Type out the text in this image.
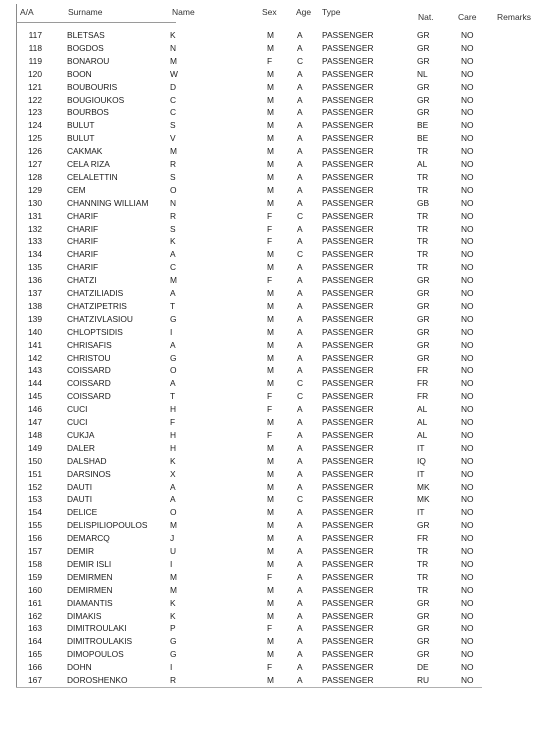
A/A	Surname	Name	Sex Age Type	Nat.	Care Remarks
117	BLETSAS	K	M	A PASSENGER	GR	NO
118	BOGDOS	N	M	A PASSENGER	GR	NO
119	BONAROU	M	F	C PASSENGER	GR	NO
120	BOON	W	M	A PASSENGER	NL	NO
121	BOUBOURIS	D	M	A PASSENGER	GR	NO
122	BOUGIOUKOS	C	M	A PASSENGER	GR	NO
123	BOURBOS	C	M	A PASSENGER	GR	NO
124	BULUT	S	M	A PASSENGER	BE	NO
125	BULUT	V	M	A PASSENGER	BE	NO
126	CAKMAK	M	M	A PASSENGER	TR	NO
127	CELA RIZA	R	M	A PASSENGER	AL	NO
128	CELALETTIN	S	M	A PASSENGER	TR	NO
129	CEM	O	M	A PASSENGER	TR	NO
130	CHANNING WILLIAM	N	M	A PASSENGER	GB	NO
131	CHARIF	R	F	C PASSENGER	TR	NO
132	CHARIF	S	F	A PASSENGER	TR	NO
133	CHARIF	K	F	A PASSENGER	TR	NO
134	CHARIF	A	M	C PASSENGER	TR	NO
135	CHARIF	C	M	A PASSENGER	TR	NO
136	CHATZI	M	F	A PASSENGER	GR	NO
137	CHATZILIADIS	A	M	A PASSENGER	GR	NO
138	CHATZIPETRIS	T	M	A PASSENGER	GR	NO
139	CHATZIVLASIOU	G	M	A PASSENGER	GR	NO
140	CHLOPTSIDIS	I	M	A PASSENGER	GR	NO
141	CHRISAFIS	A	M	A PASSENGER	GR	NO
142	CHRISTOU	G	M	A PASSENGER	GR	NO
143	COISSARD	O	M	A PASSENGER	FR	NO
144	COISSARD	A	M	C PASSENGER	FR	NO
145	COISSARD	T	F	C PASSENGER	FR	NO
146	CUCI	H	F	A PASSENGER	AL	NO
147	CUCI	F	M	A PASSENGER	AL	NO
148	CUKJA	H	F	A PASSENGER	AL	NO
149	DALER	H	M	A PASSENGER	IT	NO
150	DALSHAD	K	M	A PASSENGER	IQ	NO
151	DARSINOS	X	M	A PASSENGER	IT	NO
152	DAUTI	A	M	A PASSENGER	MK	NO
153	DAUTI	A	M	C PASSENGER	MK	NO
154	DELICE	O	M	A PASSENGER	IT	NO
155	DELISPILIOPOULOS	M	M	A PASSENGER	GR	NO
156	DEMARCQ	J	M	A PASSENGER	FR	NO
157	DEMIR	U	M	A PASSENGER	TR	NO
158	DEMIR ISLI	I	M	A PASSENGER	TR	NO
159	DEMIRMEN	M	F	A PASSENGER	TR	NO
160	DEMIRMEN	M	M	A PASSENGER	TR	NO
161	DIAMANTIS	K	M	A PASSENGER	GR	NO
162	DIMAKIS	K	M	A PASSENGER	GR	NO
163	DIMITROULAKI	P	F	A PASSENGER	GR	NO
164	DIMITROULAKIS	G	M	A PASSENGER	GR	NO
165	DIMOPOULOS	G	M	A PASSENGER	GR	NO
166	DOHN	I	F	A PASSENGER	DE	NO
167	DOROSHENKO	R	M	A PASSENGER	RU	NO
